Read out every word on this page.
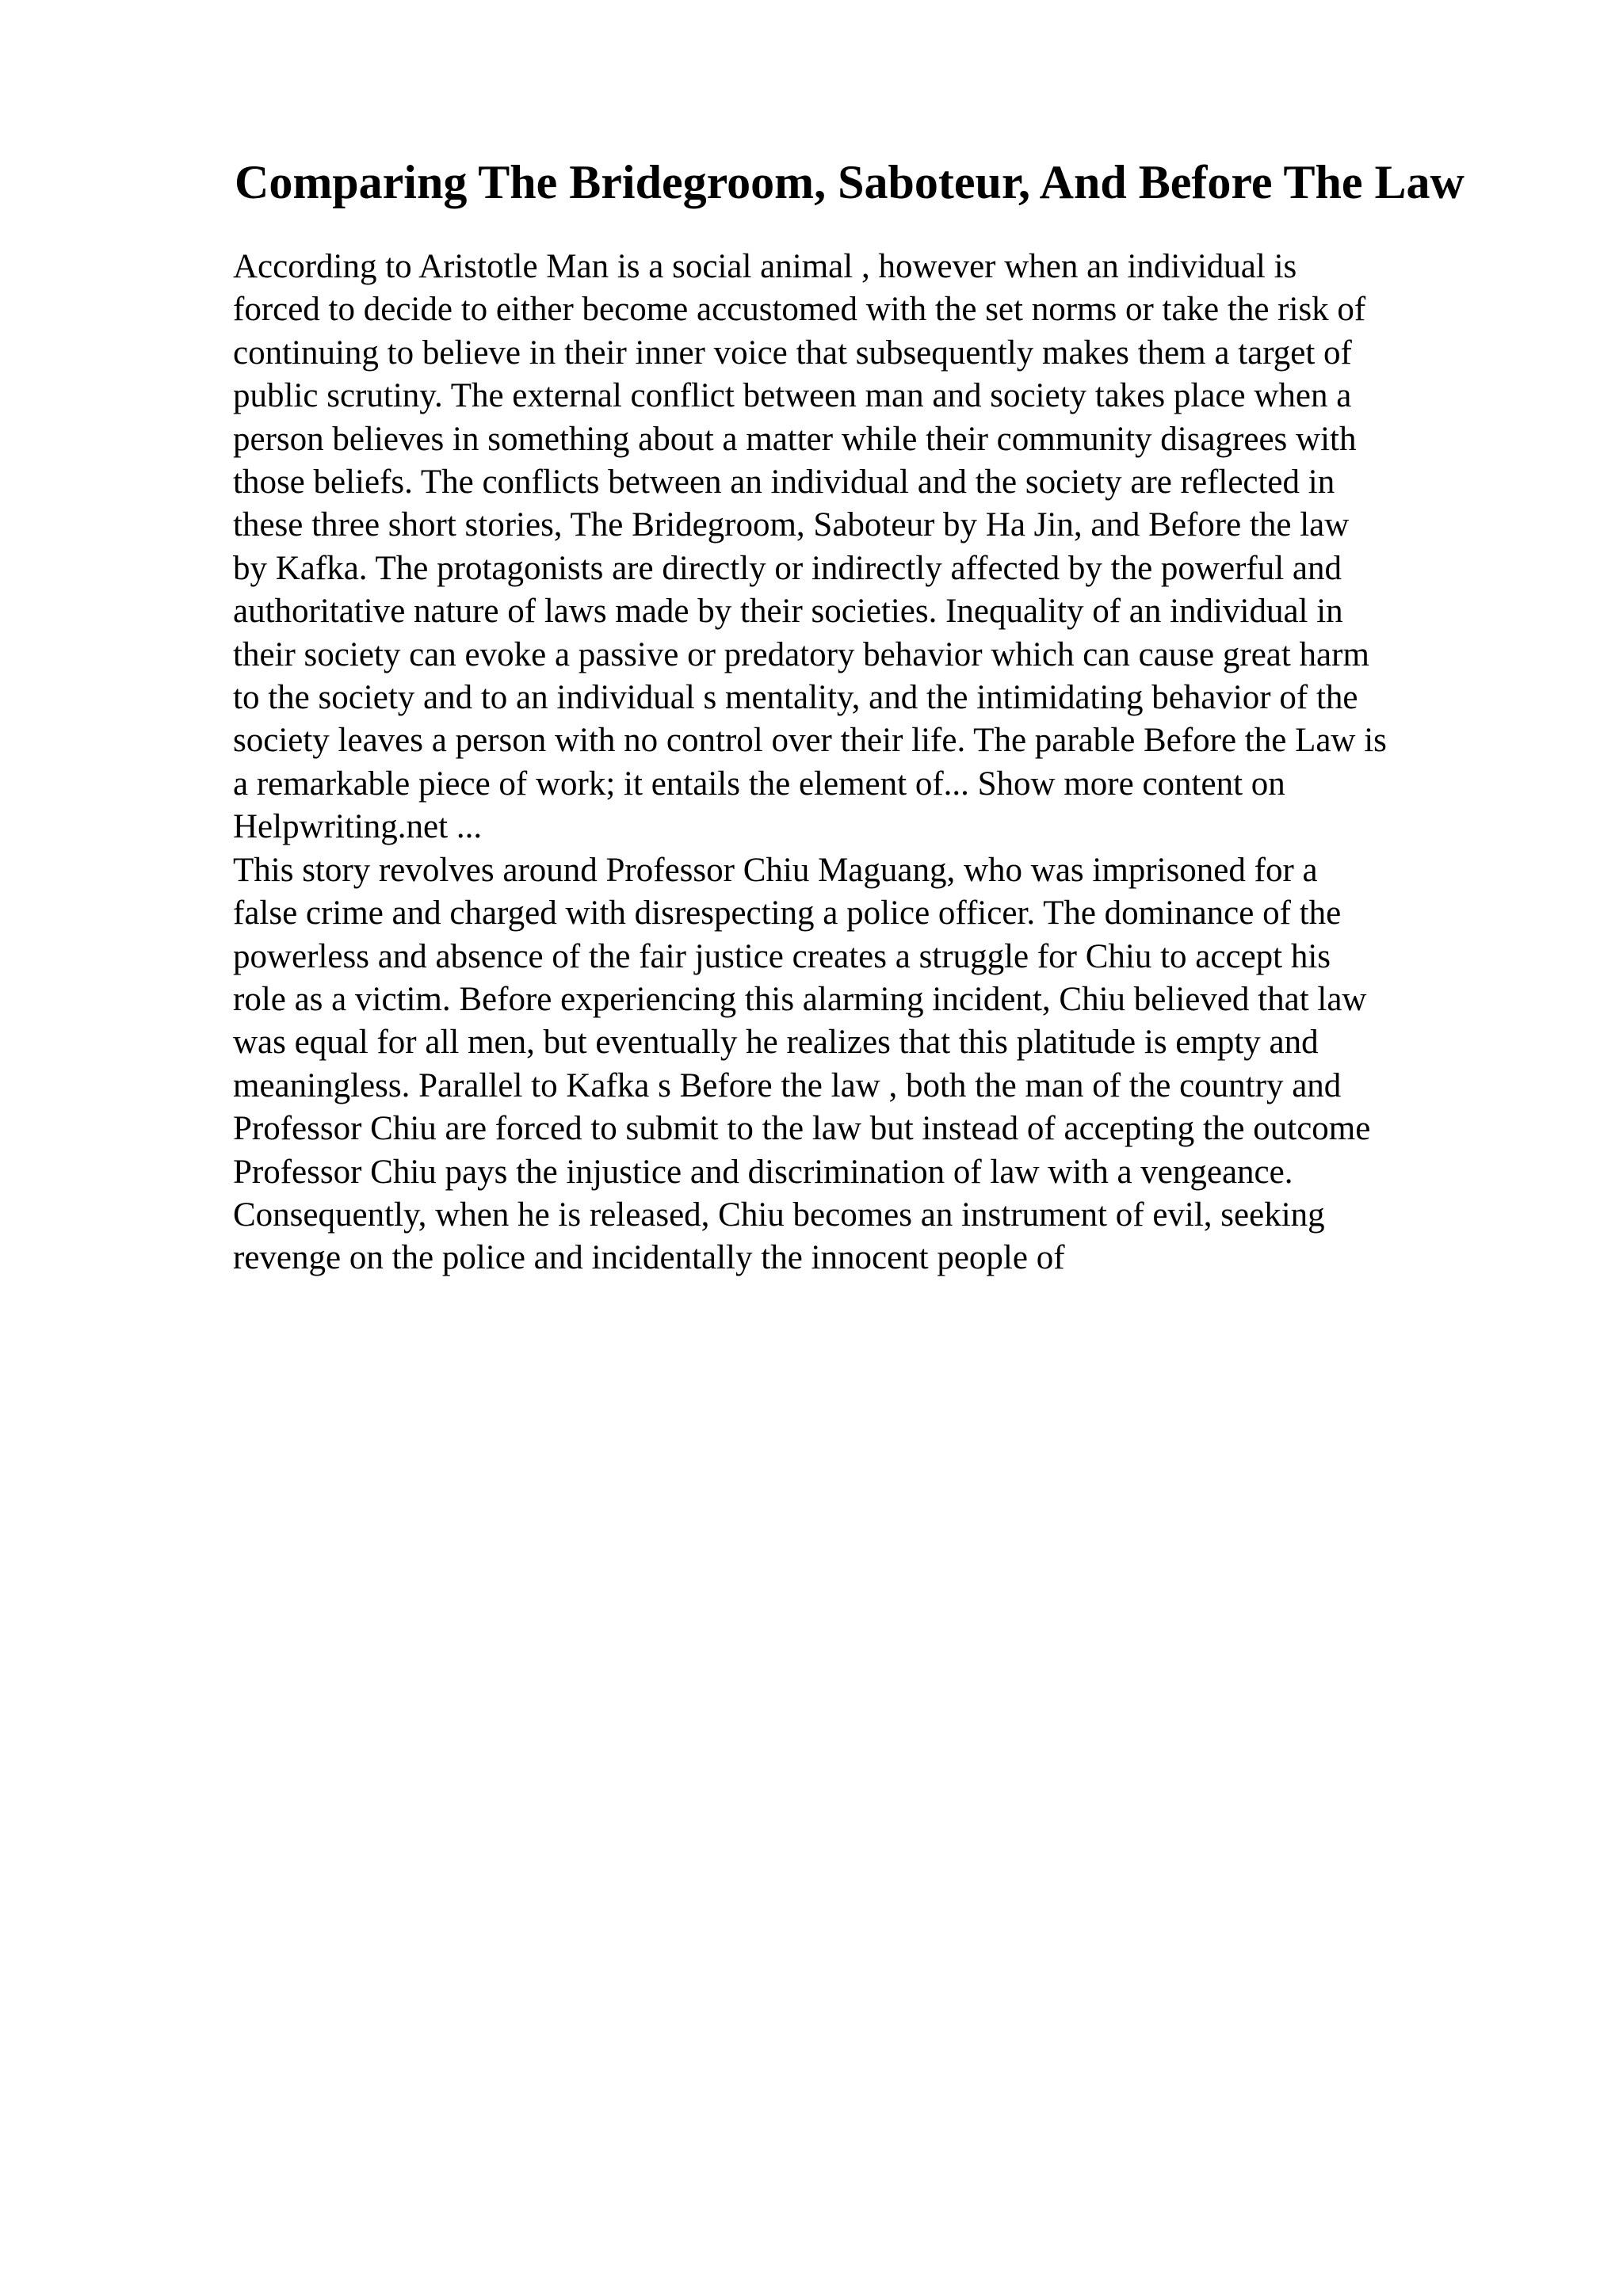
Comparing The Bridegroom, Saboteur, And Before The Law

According to Aristotle Man is a social animal , however when an individual is
forced to decide to either become accustomed with the set norms or take the risk of
continuing to believe in their inner voice that subsequently makes them a target of
public scrutiny. The external conflict between man and society takes place when a
person believes in something about a matter while their community disagrees with
those beliefs. The conflicts between an individual and the society are reflected in
these three short stories, The Bridegroom, Saboteur by Ha Jin, and Before the law
by Kafka. The protagonists are directly or indirectly affected by the powerful and
authoritative nature of laws made by their societies. Inequality of an individual in
their society can evoke a passive or predatory behavior which can cause great harm
to the society and to an individual s mentality, and the intimidating behavior of the
society leaves a person with no control over their life. The parable Before the Law is
a remarkable piece of work; it entails the element of... Show more content on
Helpwriting.net ...

This story revolves around Professor Chiu Maguang, who was imprisoned for a
false crime and charged with disrespecting a police officer. The dominance of the
powerless and absence of the fair justice creates a struggle for Chiu to accept his
role as a victim. Before experiencing this alarming incident, Chiu believed that law
was equal for all men, but eventually he realizes that this platitude is empty and
meaningless. Parallel to Kafka s Before the law , both the man of the country and
Professor Chiu are forced to submit to the law but instead of accepting the outcome
Professor Chiu pays the injustice and discrimination of law with a vengeance.
Consequently, when he is released, Chiu becomes an instrument of evil, seeking
revenge on the police and incidentally the innocent people of
